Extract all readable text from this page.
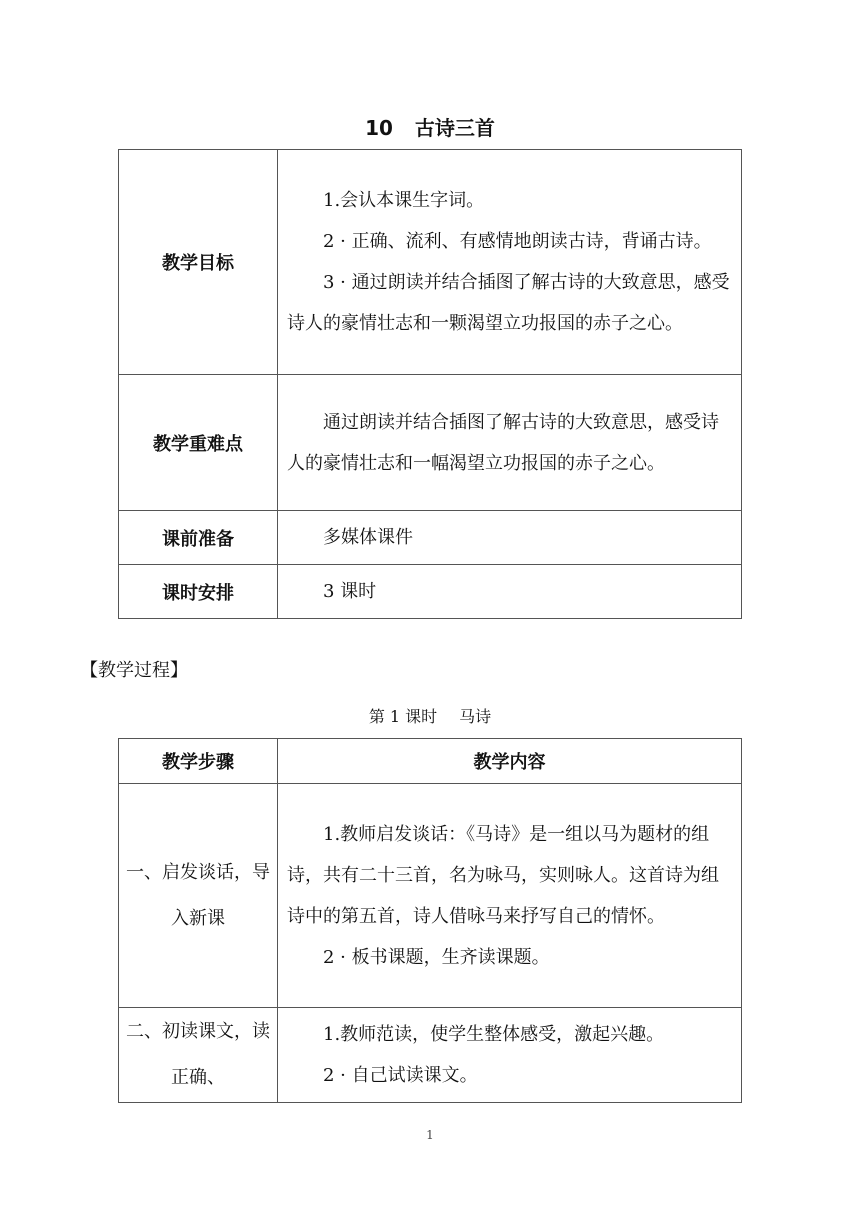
10 古诗三首
教学目标	1.会认本课生字词。

2 · 正确、流利、有感情地朗读古诗，背诵古诗。

3 · 通过朗读并结合插图了解古诗的大致意思，感受诗人的豪情壮志和一颗渴望立功报国的赤子之心。

教学重难点	通过朗读并结合插图了解古诗的大致意思，感受诗人的豪情壮志和一幅渴望立功报国的赤子之心。

课前准备	多媒体课件

课时安排	3 课时

【教学过程】
第 1 课时 马诗
教学步骤	教学内容
一、启发谈话，导入新课	1.教师启发谈话：《马诗》是一组以马为题材的组诗，共有二十三首，名为咏马，实则咏人。这首诗为组诗中的第五首，诗人借咏马来抒写自己的情怀。

2 · 板书课题，生齐读课题。

二、初读课文，读正确、	1.教师范读，使学生整体感受，激起兴趣。

2 · 自己试读课文。

1
